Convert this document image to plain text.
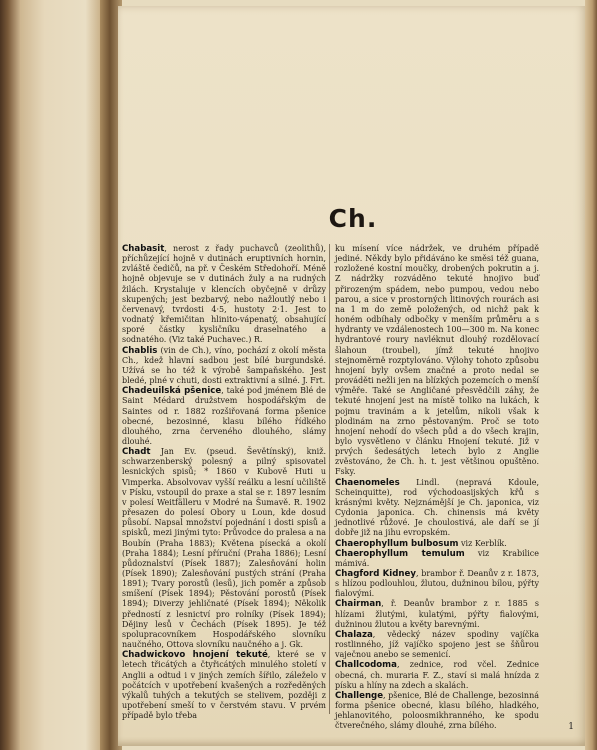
Ch.

Chabasit, nerost z řady puchavců (zeolithů), příchůzející hojně v dutinách eruptivních hornin, zvláště čedičů, na př. v Českém Středohoří. Méně hojně objevuje se v dutinách žuly a na rudných žilách. Krystaluje v klencích obyčejně v drůzy skupených; jest bezbarvý, nebo nažloutlý nebo i červenavý, tvrdosti 4·5, hustoty 2·1. Jest to vodnatý křemičitan hlinito-vápenatý, obsahující sporé částky kysličníku draselnatého a sodnatého. (Viz také Puchavec.) R.

Chablis (vin de Ch.), víno, pochází z okolí města Ch., kdež hlavní sadbou jest bílé burgundské. Užívá se ho též k výrobě šampaňského. Jest bledé, plné v chuti, dosti extraktivní a silné. J. Frt.

Chadeuilská pšenice, také pod jménem Blé de Saint Médard družstvem hospodářským de Saintes od r. 1882 rozšiřovaná forma pšenice obecné, bezosinné, klasu bílého řídkého dlouhého, zrna červeného dlouhého, slámy dlouhé.

Chadt Jan Ev. (pseud. Ševětínský), kniž. schwarzenberský polesný a pilný spisovatel lesnických spisů; * 1860 v Kubově Huti u Vimperka. Absolvovav vyšší reálku a lesní učiliště v Písku, vstoupil do praxe a stal se r. 1897 lesním v polesí Weitfälleru v Modré na Šumavě. R. 1902 přesazen do polesí Obory u Loun, kde dosud působí. Napsal množství pojednání i dosti spisů a spisků, mezi jinými tyto: Průvodce do pralesa a na Boubín (Praha 1883); Květena písecká a okolí (Praha 1884); Lesní příruční (Praha 1886); Lesní půdoznalství (Písek 1887); Zalesňování holin (Písek 1890); Zalesňování pustých strání (Praha 1891); Tvary porostů (lesů), jich poměr a způsob smíšení (Písek 1894); Pěstování porostů (Písek 1894); Diverzy jehličnaté (Písek 1894); Několik předností z lesnictví pro rolníky (Písek 1894); Dějiny lesů v Čechách (Písek 1895). Je též spolupracovníkem Hospodářského slovníku naučného, Ottova slovníku naučného a j. Gk.

Chadwickovo hnojení tekuté, které se v letech třicátých a čtyřicátých minulého století v Anglii a odtud i v jiných zemích šířilo, záleželo v počátcích v upotřebení kvašených a rozředěných výkalů tuhých a tekutých se stelivem, později z upotřebení smeší to v čerstvém stavu. V prvém případě bylo třeba

ku mísení více nádržek, ve druhém případě jediné. Někdy bylo přidáváno ke směsi též guana, rozložené kostní moučky, drobených pokrutin a j. Z nádržky rozváděno tekuté hnojivo buď přirozeným spádem, nebo pumpou, vedou nebo parou, a sice v prostorných litinových rourách asi na 1 m do země položených, od nichž pak k honém odbíhaly odbočky v menším průměru a s hydranty ve vzdálenostech 100—300 m. Na konec hydrantové roury navléknut dlouhý rozdělovací šlahoun (troubel), jímž tekuté hnojivo stejnoměrně rozptylováno. Výlohy tohoto způsobu hnojení byly ovšem značné a proto nedal se prováděti nežli jen na blízkých pozemcích o menší výměře. Také se Angličané přesvědčili záhy, že tekuté hnojení jest na místě toliko na lukách, k pojmu travinám a k jetelům, nikoli však k plodinám na zrno pěstovaným. Proč se toto hnojení nehodí do všech půd a do všech krajin, bylo vysvětleno v článku Hnojení tekuté. Již v prvých šedesátých letech bylo z Anglie zvěstováno, že Ch. h. t. jest většinou opuštěno. Fsky.

Chaenomeles Lindl. (nepravá Kdoule, Scheinquitte), rod východoasijských křů s krásnými květy. Nejznámější je Ch. japonica, viz Cydonia japonica. Ch. chinensis má květy jednotlivé růžové. Je choulostivá, ale daří se jí dobře již na jihu evropském.

Chaerophyllum bulbosum viz Kerblík.

Chaerophyllum temulum viz Krabilice mámivá.

Chagford Kidney, brambor ř. Deanův z r. 1873, s hlízou podlouhlou, žlutou, dužninou bílou, pýřty fialovými.

Chairman, ř. Deanův brambor z r. 1885 s hlízami žlutými, kulatými, pýřty fialovými, dužninou žlutou a květy barevnými.

Chalaza, vědecký název spodiny vajíčka rostlinného, jíž vajíčko spojeno jest se šňůrou vaječnou anebo se semenicí.

Challcodoma, zednice, rod včel. Zednice obecná, ch. muraria F. Z., staví si malá hnízda z písku a hlíny na zdech a skalách.

Challenge, pšenice, Blé de Challenge, bezosinná forma pšenice obecné, klasu bílého, hladkého, jehlanovitého, poloosmikhranného, ke spodu čtverečného, slámy dlouhé, zrna bílého.	1
